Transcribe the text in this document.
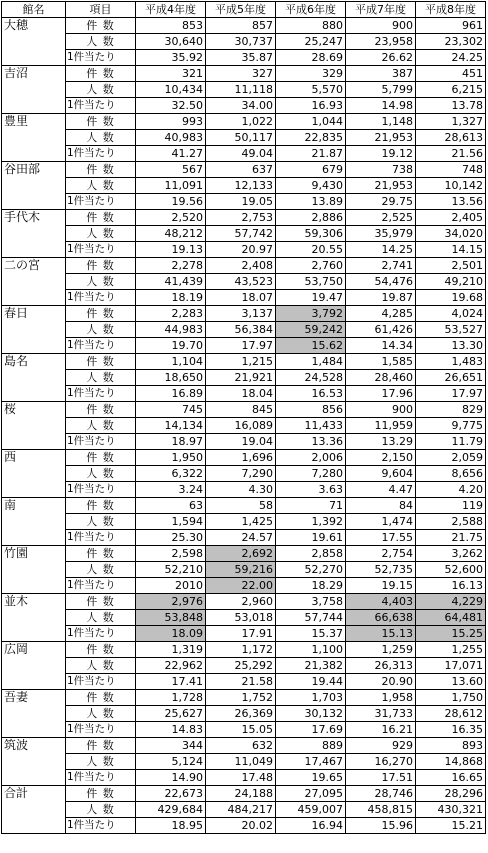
館名	項目	平成4年度	平成5年度	平成6年度	平成7年度	平成8年度
大穂	件 数	853	857	880	900	961
	人 数	30,640	30,737	25,247	23,958	23,302
	1件当たり	35.92	35.87	28.69	26.62	24.25
吉沼	件 数	321	327	329	387	451
	人 数	10,434	11,118	5,570	5,799	6,215
	1件当たり	32.50	34.00	16.93	14.98	13.78
豊里	件 数	993	1,022	1,044	1,148	1,327
	人 数	40,983	50,117	22,835	21,953	28,613
	1件当たり	41.27	49.04	21.87	19.12	21.56
谷田部	件 数	567	637	679	738	748
	人 数	11,091	12,133	9,430	21,953	10,142
	1件当たり	19.56	19.05	13.89	29.75	13.56
手代木	件 数	2,520	2,753	2,886	2,525	2,405
	人 数	48,212	57,742	59,306	35,979	34,020
	1件当たり	19.13	20.97	20.55	14.25	14.15
二の宮	件 数	2,278	2,408	2,760	2,741	2,501
	人 数	41,439	43,523	53,750	54,476	49,210
	1件当たり	18.19	18.07	19.47	19.87	19.68
春日	件 数	2,283	3,137	3,792	4,285	4,024
	人 数	44,983	56,384	59,242	61,426	53,527
	1件当たり	19.70	17.97	15.62	14.34	13.30
島名	件 数	1,104	1,215	1,484	1,585	1,483
	人 数	18,650	21,921	24,528	28,460	26,651
	1件当たり	16.89	18.04	16.53	17.96	17.97
桜	件 数	745	845	856	900	829
	人 数	14,134	16,089	11,433	11,959	9,775
	1件当たり	18.97	19.04	13.36	13.29	11.79
西	件 数	1,950	1,696	2,006	2,150	2,059
	人 数	6,322	7,290	7,280	9,604	8,656
	1件当たり	3.24	4.30	3.63	4.47	4.20
南	件 数	63	58	71	84	119
	人 数	1,594	1,425	1,392	1,474	2,588
	1件当たり	25.30	24.57	19.61	17.55	21.75
竹園	件 数	2,598	2,692	2,858	2,754	3,262
	人 数	52,210	59,216	52,270	52,735	52,600
	1件当たり	2010	22.00	18.29	19.15	16.13
並木	件 数	2,976	2,960	3,758	4,403	4,229
	人 数	53,848	53,018	57,744	66,638	64,481
	1件当たり	18.09	17.91	15.37	15.13	15.25
広岡	件 数	1,319	1,172	1,100	1,259	1,255
	人 数	22,962	25,292	21,382	26,313	17,071
	1件当たり	17.41	21.58	19.44	20.90	13.60
吾妻	件 数	1,728	1,752	1,703	1,958	1,750
	人 数	25,627	26,369	30,132	31,733	28,612
	1件当たり	14.83	15.05	17.69	16.21	16.35
筑波	件 数	344	632	889	929	893
	人 数	5,124	11,049	17,467	16,270	14,868
	1件当たり	14.90	17.48	19.65	17.51	16.65
合計	件 数	22,673	24,188	27,095	28,746	28,296
	人 数	429,684	484,217	459,007	458,815	430,321
	1件当たり	18.95	20.02	16.94	15.96	15.21
